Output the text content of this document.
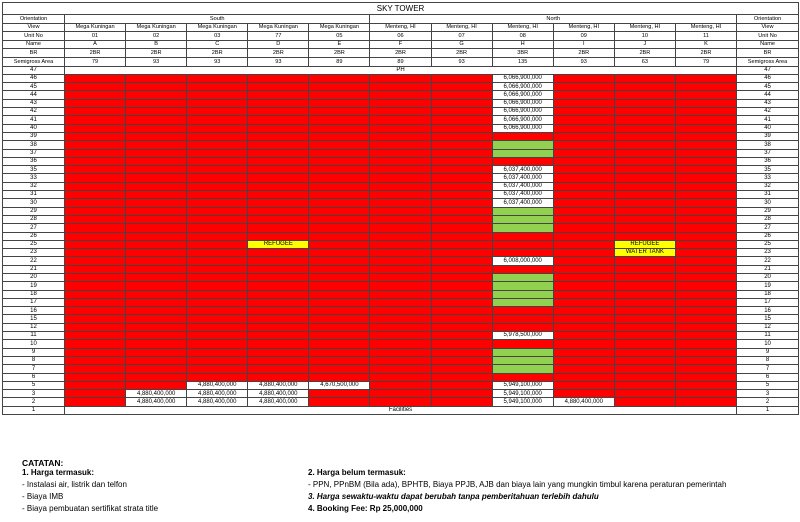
SKY TOWER												
Orientation	South					North						Orientation
View	Mega Kuningan	Mega Kuningan	Mega Kuningan	Mega Kuningan	Mega Kuningan	Menteng, HI	Menteng, HI	Menteng, HI	Menteng, HI	Menteng, HI	Menteng, HI	View
Unit No	01	02	03	77	05	06	07	08	09	10	11	Unit No
Name	A	B	C	D	E	F	G	H	I	J	K	Name
BR	2BR	2BR	2BR	2BR	2BR	2BR	2BR	3BR	2BR	2BR	2BR	BR
Semigross Area	79	93	93	93	89	89	93	135	93	63	79	Semigross Area
47	PH											47
46								6,066,900,000				46
45								6,066,900,000				45
44								6,066,900,000				44
43								6,066,900,000				43
42								6,066,900,000				42
41								6,066,900,000				41
40								6,066,900,000				40
39												39
38												38
37												37
36												36
35								6,037,400,000				35
33								6,037,400,000				33
32								6,037,400,000				32
31								6,037,400,000				31
30								6,037,400,000				30
29												29
28												28
27												27
26												26
25				REFUGEE						REFUGEE		25
23										WATER TANK		23
22								6,008,000,000				22
21												21
20												20
19												19
18												18
17												17
16												16
15												15
12												12
11								5,978,500,000				11
10												10
9												9
8												8
7												7
6												6
5			4,880,400,000	4,880,400,000	4,670,500,000			5,949,100,000				5
3		4,880,400,000	4,880,400,000	4,880,400,000				5,949,100,000				3
2		4,880,400,000	4,880,400,000	4,880,400,000				5,949,100,000	4,880,400,000			2
1	Facilities											1
CATATAN:
1. Harga termasuk:
- Instalasi air, listrik dan telfon
- Biaya IMB
- Biaya pembuatan sertifikat strata title
2. Harga belum termasuk:
- PPN, PPnBM (Bila ada), BPHTB, Biaya PPJB, AJB dan biaya lain yang mungkin timbul karena peraturan pemerintah
3. Harga sewaktu-waktu dapat berubah tanpa pemberitahuan terlebih dahulu
4. Booking Fee: Rp 25,000,000
